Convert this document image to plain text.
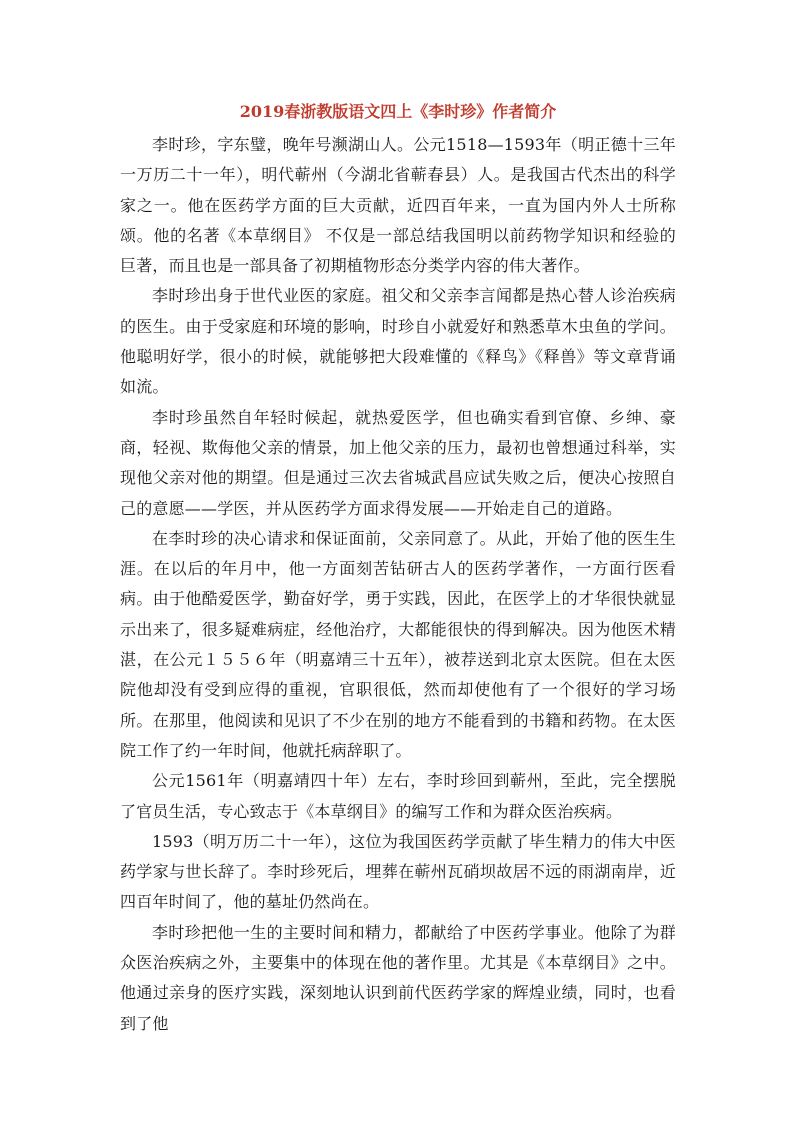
2019春浙教版语文四上《李时珍》作者简介

李时珍，字东璧，晚年号濒湖山人。公元1518—1593年（明正德十三年一万历二十一年），明代蕲州（今湖北省蕲春县）人。是我国古代杰出的科学家之一。他在医药学方面的巨大贡献，近四百年来，一直为国内外人士所称颂。他的名著《本草纲目》 不仅是一部总结我国明以前药物学知识和经验的巨著，而且也是一部具备了初期植物形态分类学内容的伟大著作。

李时珍出身于世代业医的家庭。祖父和父亲李言闻都是热心替人诊治疾病的医生。由于受家庭和环境的影响，时珍自小就爱好和熟悉草木虫鱼的学问。他聪明好学，很小的时候，就能够把大段难懂的《释鸟》《释兽》等文章背诵如流。

李时珍虽然自年轻时候起，就热爱医学，但也确实看到官僚、乡绅、豪商，轻视、欺侮他父亲的情景，加上他父亲的压力，最初也曾想通过科举，实现他父亲对他的期望。但是通过三次去省城武昌应试失败之后，便决心按照自己的意愿——学医，并从医药学方面求得发展——开始走自己的道路。

在李时珍的决心请求和保证面前，父亲同意了。从此，开始了他的医生生涯。在以后的年月中，他一方面刻苦钻研古人的医药学著作，一方面行医看病。由于他酷爱医学，勤奋好学，勇于实践，因此，在医学上的才华很快就显示出来了，很多疑难病症，经他治疗，大都能很快的得到解决。因为他医术精湛，在公元１５５６年（明嘉靖三十五年），被荐送到北京太医院。但在太医院他却没有受到应得的重视，官职很低，然而却使他有了一个很好的学习场所。在那里，他阅读和见识了不少在别的地方不能看到的书籍和药物。在太医院工作了约一年时间，他就托病辞职了。

公元1561年（明嘉靖四十年）左右，李时珍回到蕲州，至此，完全摆脱了官员生活，专心致志于《本草纲目》的编写工作和为群众医治疾病。

1593（明万历二十一年），这位为我国医药学贡献了毕生精力的伟大中医药学家与世长辞了。李时珍死后，埋葬在蕲州瓦硝坝故居不远的雨湖南岸，近四百年时间了，他的墓址仍然尚在。

李时珍把他一生的主要时间和精力，都献给了中医药学事业。他除了为群众医治疾病之外，主要集中的体现在他的著作里。尤其是《本草纲目》之中。他通过亲身的医疗实践，深刻地认识到前代医药学家的辉煌业绩，同时，也看到了他
